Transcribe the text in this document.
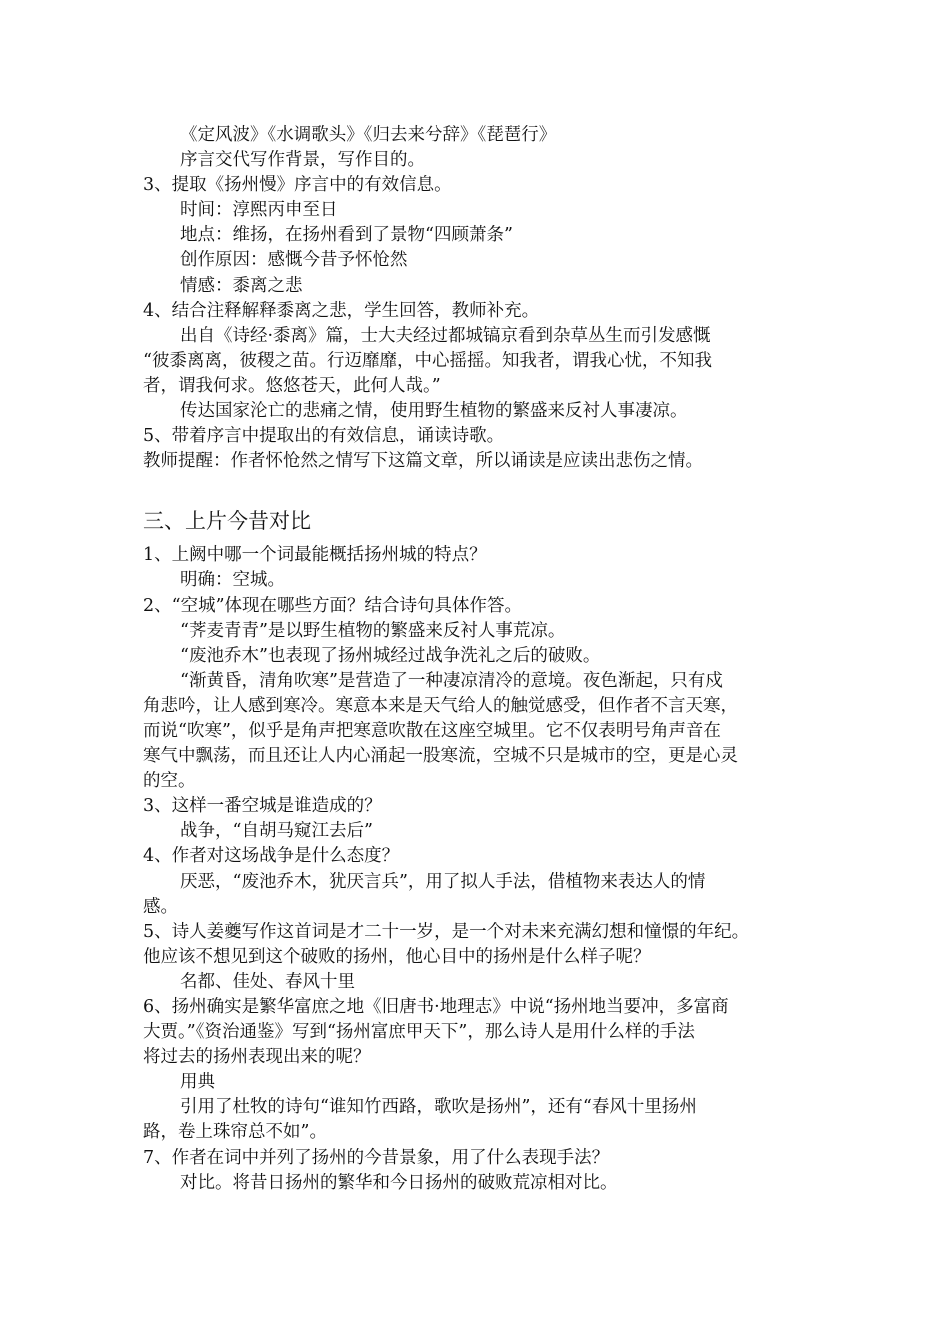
《定风波》《水调歌头》《归去来兮辞》《琵琶行》

序言交代写作背景，写作目的。

3、提取《扬州慢》序言中的有效信息。

时间：淳熙丙申至日

地点：维扬，在扬州看到了景物“四顾萧条”

创作原因：感慨今昔予怀怆然

情感：黍离之悲

4、结合注释解释黍离之悲，学生回答，教师补充。

出自《诗经·黍离》篇，士大夫经过都城镐京看到杂草丛生而引发感慨

“彼黍离离，彼稷之苗。行迈靡靡，中心摇摇。知我者，谓我心忧，不知我

者，谓我何求。悠悠苍天，此何人哉。”

传达国家沦亡的悲痛之情，使用野生植物的繁盛来反衬人事凄凉。

5、带着序言中提取出的有效信息，诵读诗歌。

教师提醒：作者怀怆然之情写下这篇文章，所以诵读是应读出悲伤之情。

三、上片今昔对比

1、上阙中哪一个词最能概括扬州城的特点？

明确：空城。

2、“空城”体现在哪些方面？结合诗句具体作答。

“荠麦青青”是以野生植物的繁盛来反衬人事荒凉。

“废池乔木”也表现了扬州城经过战争洗礼之后的破败。

“渐黄昏，清角吹寒”是营造了一种凄凉清冷的意境。夜色渐起，只有戍

角悲吟，让人感到寒冷。寒意本来是天气给人的触觉感受，但作者不言天寒，

而说“吹寒”，似乎是角声把寒意吹散在这座空城里。它不仅表明号角声音在

寒气中飘荡，而且还让人内心涌起一股寒流，空城不只是城市的空，更是心灵

的空。

3、这样一番空城是谁造成的？

战争，“自胡马窥江去后”

4、作者对这场战争是什么态度？

厌恶，“废池乔木，犹厌言兵”，用了拟人手法，借植物来表达人的情

感。

5、诗人姜夔写作这首词是才二十一岁，是一个对未来充满幻想和憧憬的年纪。

他应该不想见到这个破败的扬州，他心目中的扬州是什么样子呢？

名都、佳处、春风十里

6、扬州确实是繁华富庶之地《旧唐书·地理志》中说“扬州地当要冲，多富商

大贾。”《资治通鉴》写到“扬州富庶甲天下”，那么诗人是用什么样的手法

将过去的扬州表现出来的呢？

用典

引用了杜牧的诗句“谁知竹西路，歌吹是扬州”，还有“春风十里扬州

路，卷上珠帘总不如”。

7、作者在词中并列了扬州的今昔景象，用了什么表现手法？

对比。将昔日扬州的繁华和今日扬州的破败荒凉相对比。
